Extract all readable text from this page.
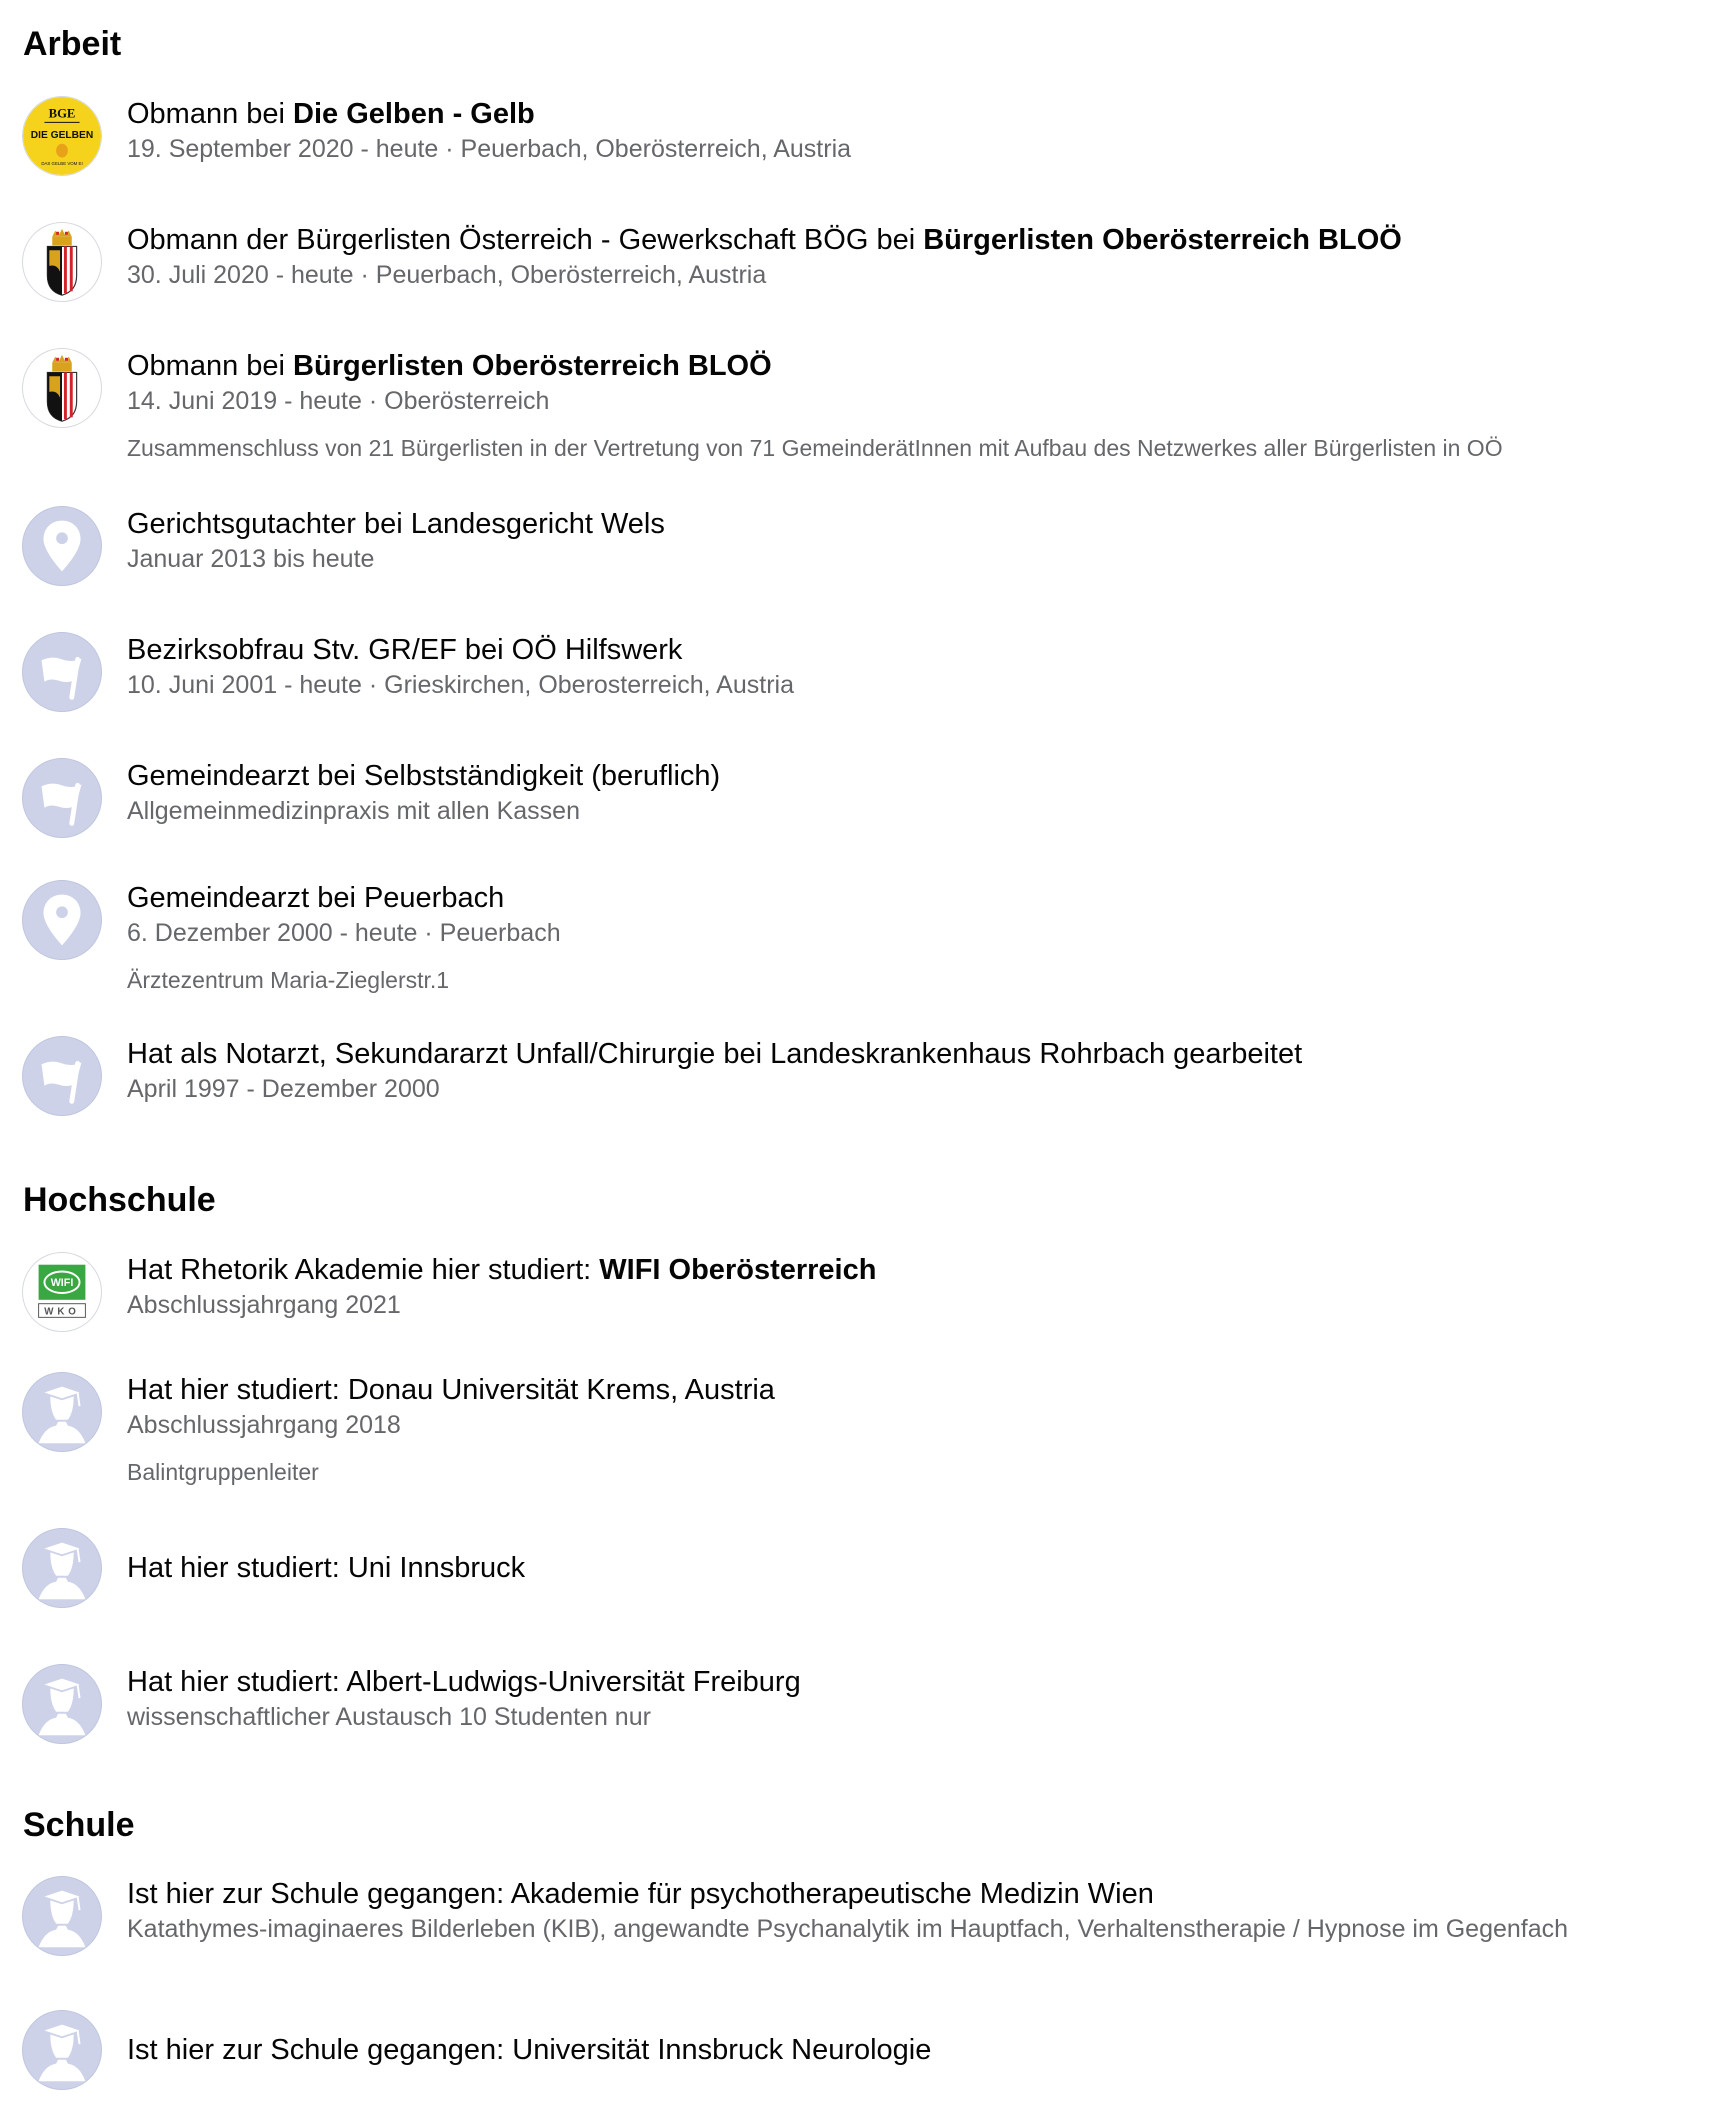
Arbeit
BGE
DIE GELBEN
DAS GELBE VOM EI
Obmann bei Die Gelben - Gelb
19. September 2020 - heute · Peuerbach, Oberösterreich, Austria
Obmann der Bürgerlisten Österreich - Gewerkschaft BÖG bei Bürgerlisten Oberösterreich BLOÖ
30. Juli 2020 - heute · Peuerbach, Oberösterreich, Austria
Obmann bei Bürgerlisten Oberösterreich BLOÖ
14. Juni 2019 - heute · Oberösterreich
Zusammenschluss von 21 Bürgerlisten in der Vertretung von 71 GemeinderätInnen mit Aufbau des Netzwerkes aller Bürgerlisten in OÖ
Gerichtsgutachter bei Landesgericht Wels
Januar 2013 bis heute
Bezirksobfrau Stv. GR/EF bei OÖ Hilfswerk
10. Juni 2001 - heute · Grieskirchen, Oberosterreich, Austria
Gemeindearzt bei Selbstständigkeit (beruflich)
Allgemeinmedizinpraxis mit allen Kassen
Gemeindearzt bei Peuerbach
6. Dezember 2000 - heute · Peuerbach
Ärztezentrum Maria-Zieglerstr.1
Hat als Notarzt, Sekundararzt Unfall/Chirurgie bei Landeskrankenhaus Rohrbach gearbeitet
April 1997 - Dezember 2000
Hochschule
WIFI
WKO
Hat Rhetorik Akademie hier studiert: WIFI Oberösterreich
Abschlussjahrgang 2021
Hat hier studiert: Donau Universität Krems, Austria
Abschlussjahrgang 2018
Balintgruppenleiter
Hat hier studiert: Uni Innsbruck
Hat hier studiert: Albert-Ludwigs-Universität Freiburg
wissenschaftlicher Austausch 10 Studenten nur
Schule
Ist hier zur Schule gegangen: Akademie für psychotherapeutische Medizin Wien
Katathymes-imaginaeres Bilderleben (KIB), angewandte Psychanalytik im Hauptfach, Verhaltenstherapie / Hypnose im Gegenfach
Ist hier zur Schule gegangen: Universität Innsbruck Neurologie
